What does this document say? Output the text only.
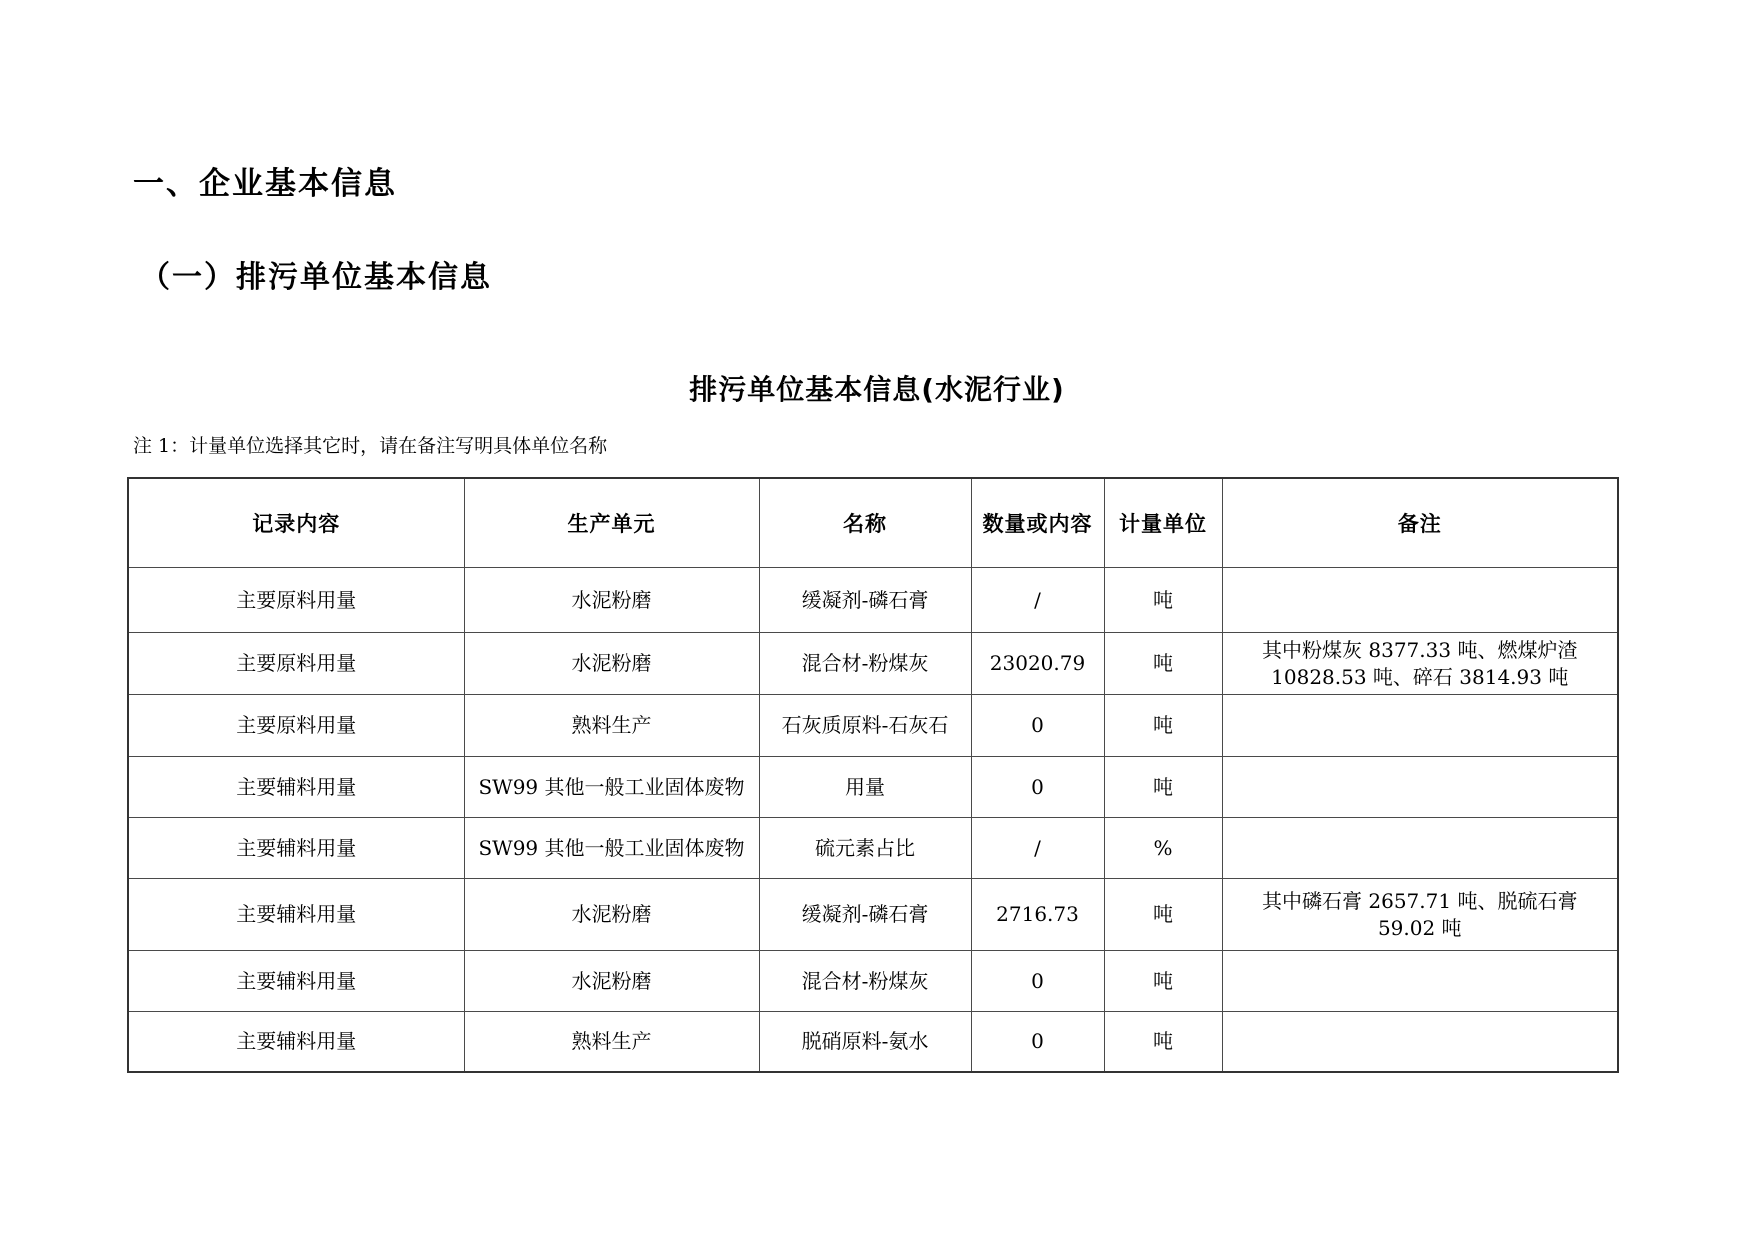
一、企业基本信息
（一）排污单位基本信息
排污单位基本信息(水泥行业)
注 1：计量单位选择其它时，请在备注写明具体单位名称
记录内容	生产单元	名称	数量或内容	计量单位	备注
主要原料用量	水泥粉磨	缓凝剂-磷石膏	/	吨	
主要原料用量	水泥粉磨	混合材-粉煤灰	23020.79	吨	其中粉煤灰 8377.33 吨、燃煤炉渣 10828.53 吨、碎石 3814.93 吨
主要原料用量	熟料生产	石灰质原料-石灰石	0	吨	
主要辅料用量	SW99 其他一般工业固体废物	用量	0	吨	
主要辅料用量	SW99 其他一般工业固体废物	硫元素占比	/	%	
主要辅料用量	水泥粉磨	缓凝剂-磷石膏	2716.73	吨	其中磷石膏 2657.71 吨、脱硫石膏 59.02 吨
主要辅料用量	水泥粉磨	混合材-粉煤灰	0	吨	
主要辅料用量	熟料生产	脱硝原料-氨水	0	吨	
